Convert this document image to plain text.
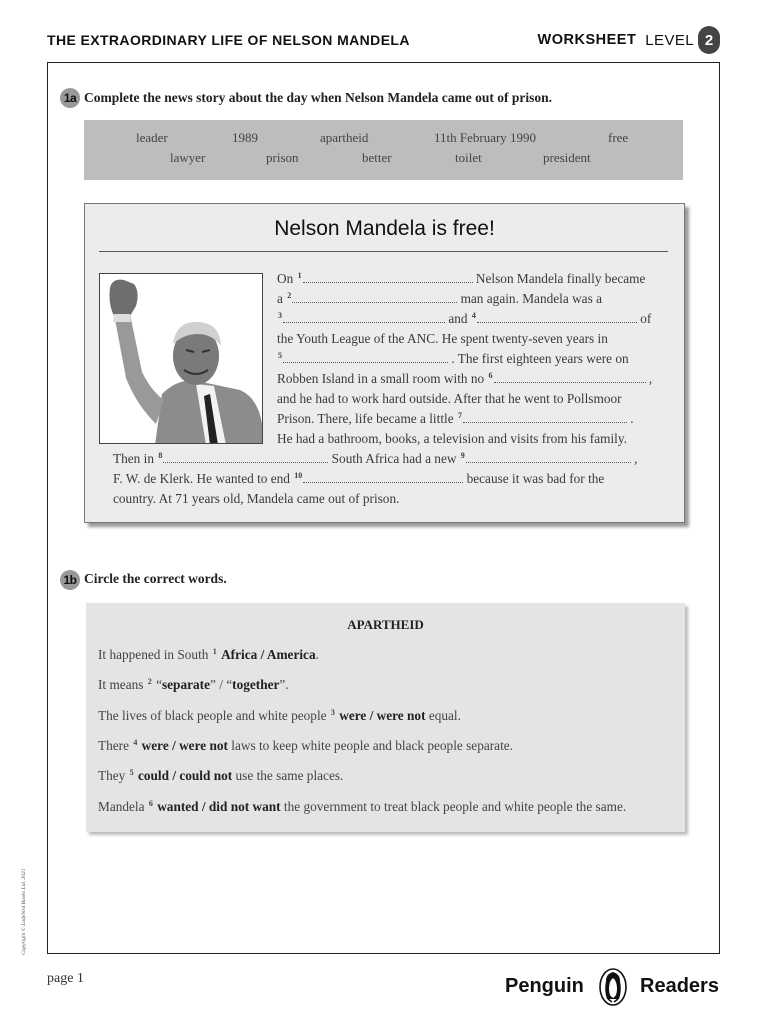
THE EXTRAORDINARY LIFE OF NELSON MANDELA	WORKSHEET LEVEL 2
1a Complete the news story about the day when Nelson Mandela came out of prison.
leader	1989	apartheid	11th February 1990	free
lawyer	prison	better	toilet	president
Nelson Mandela is free!
On $^1$	Nelson Mandela finally became
a $^2$	man again. Mandela was a
$^3$	and $^4$	of
the Youth League of the ANC. He spent twenty-seven years in
$^5$	. The first eighteen years were on
Robben Island in a small room with no $^6$	,
and he had to work hard outside. After that he went to Pollsmoor
Prison. There, life became a little $^7$	.
He had a bathroom, books, a television and visits from his family.
Then in $^8$	South Africa had a new $^9$	,
F. W. de Klerk. He wanted to end $^{10}$	because it was bad for the
country. At 71 years old, Mandela came out of prison.
1b Circle the correct words.
APARTHEID
It happened in South $^1$ Africa / America.
It means $^2$ “separate” / “together”.
The lives of black people and white people $^3$ were / were not equal.
There $^4$ were / were not laws to keep white people and black people separate.
They $^5$ could / could not use the same places.
Mandela $^6$ wanted / did not want the government to treat black people and white people the same.
Copyright © Ladybird Books Ltd, 2021
page 1	Penguin	Readers
